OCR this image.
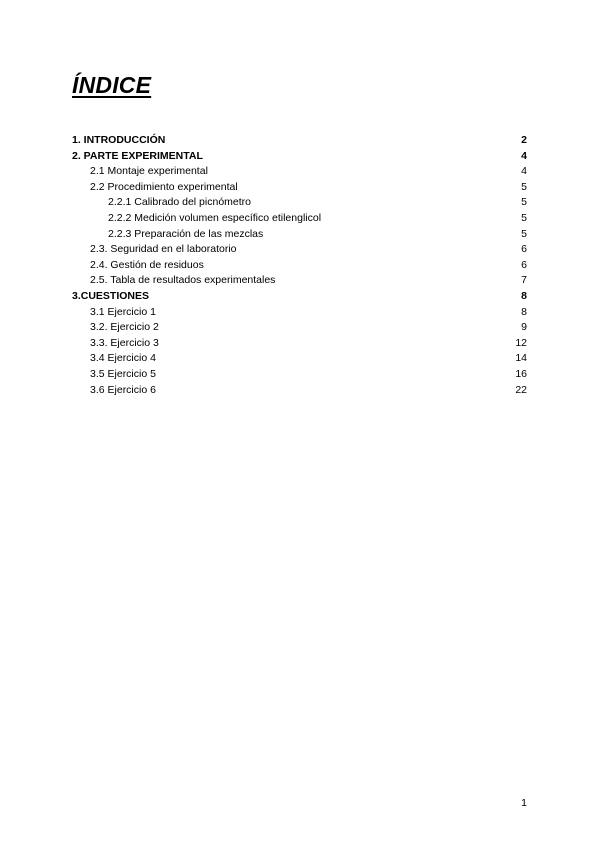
ÍNDICE
1. INTRODUCCIÓN	2
2. PARTE EXPERIMENTAL	4
2.1 Montaje experimental	4
2.2 Procedimiento experimental	5
2.2.1 Calibrado del picnómetro	5
2.2.2 Medición volumen específico etilenglicol	5
2.2.3 Preparación de las mezclas	5
2.3. Seguridad en el laboratorio	6
2.4. Gestión de residuos	6
2.5. Tabla de resultados experimentales	7
3.CUESTIONES	8
3.1 Ejercicio 1	8
3.2. Ejercicio 2	9
3.3. Ejercicio 3	12
3.4 Ejercicio 4	14
3.5 Ejercicio 5	16
3.6 Ejercicio 6	22
1
